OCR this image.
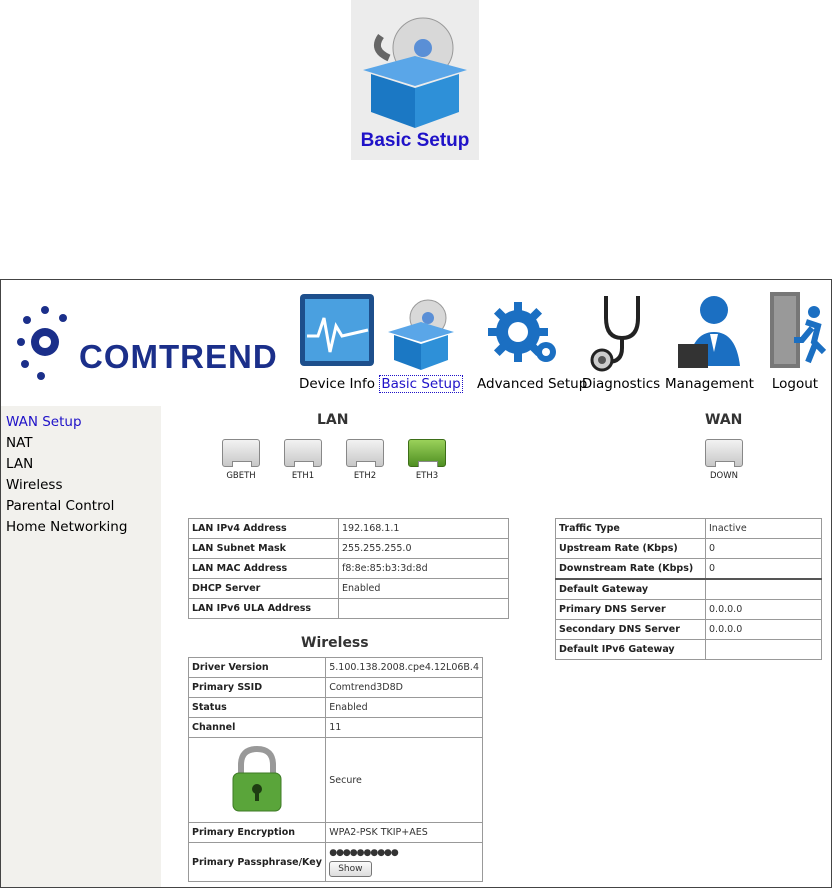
Basic Setup
COMTREND
Device Info Basic Setup Advanced Setup
Diagnostics Management	Logout
WAN Setup
NAT
LAN
Wireless
Parental Control
Home Networking
LAN
GBETH	ETH1	ETH2	ETH3
LAN IPv4 Address	192.168.1.1
LAN Subnet Mask	255.255.255.0
LAN MAC Address	f8:8e:85:b3:3d:8d
DHCP Server	Enabled
LAN IPv6 ULA Address	
Wireless
Driver Version	5.100.138.2008.cpe4.12L06B.4
Primary SSID	Comtrend3D8D
Status	Enabled
Channel	11
	Secure
Primary Encryption	WPA2-PSK TKIP+AES
Primary Passphrase/Key	●●●●●●●●●●
Show
WAN
DOWN
Traffic Type	Inactive
Upstream Rate (Kbps)	0
Downstream Rate (Kbps)	0
Default Gateway	
Primary DNS Server	0.0.0.0
Secondary DNS Server	0.0.0.0
Default IPv6 Gateway	
